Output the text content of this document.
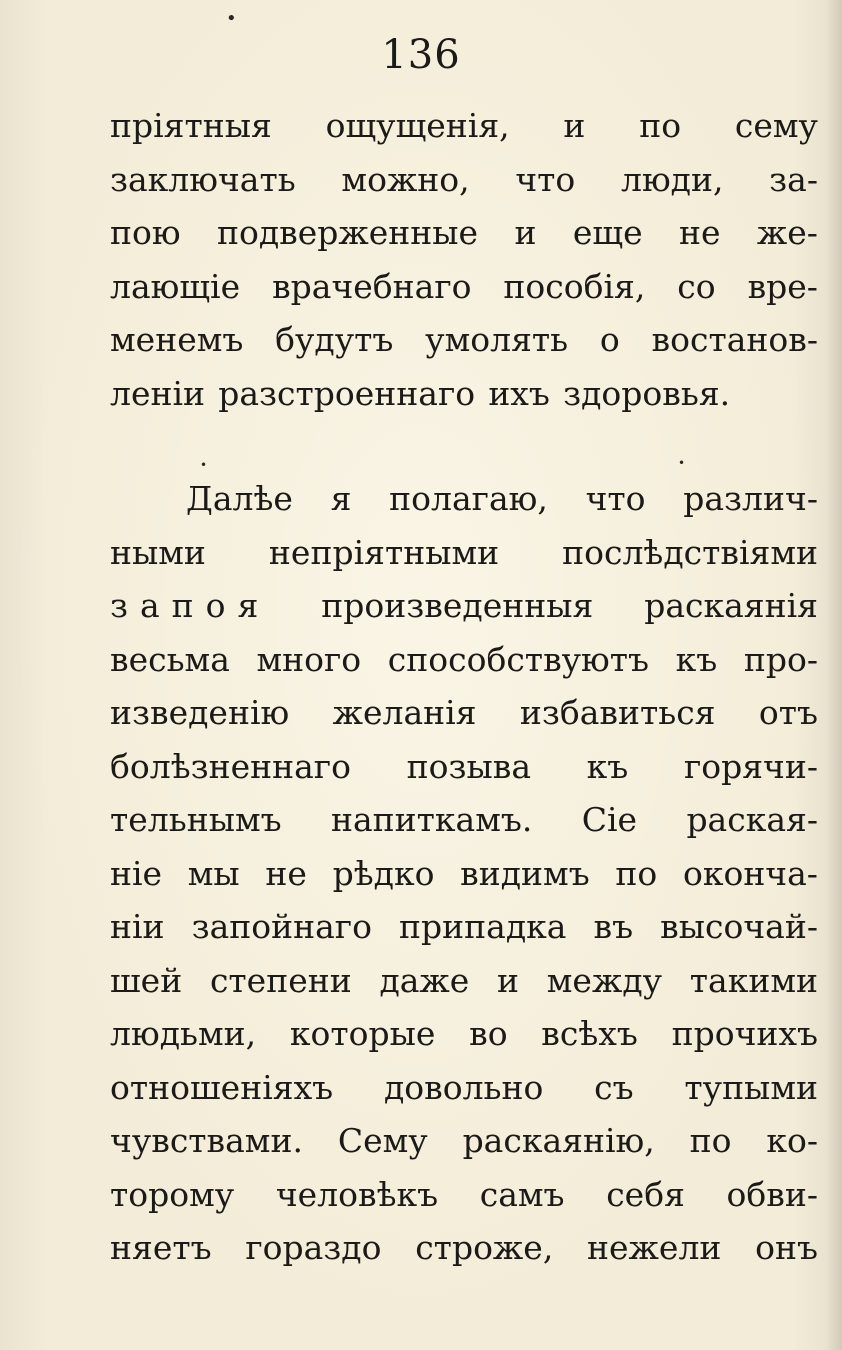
136
пріятныя ощущенія, и по сему
заключать можно, что люди, за-
пою подверженные и еще не же-
лающіе врачебнаго пособія, со вре-
менемъ будутъ умолять о востанов-
леніи разстроеннаго ихъ здоровья.
Далѣе я полагаю, что различ-
ными непріятными послѣдствіями
запоя произведенныя раскаянія
весьма много способствуютъ къ про-
изведенію желанія избавиться отъ
болѣзненнаго позыва къ горячи-
тельнымъ напиткамъ. Сіе раская-
ніе мы не рѣдко видимъ по оконча-
ніи запойнаго припадка въ высочай-
шей степени даже и между такими
людьми, которые во всѣхъ прочихъ
отношеніяхъ довольно съ тупыми
чувствами. Сему раскаянію, по ко-
торому человѣкъ самъ себя обви-
няетъ гораздо строже, нежели онъ
•
•	•
